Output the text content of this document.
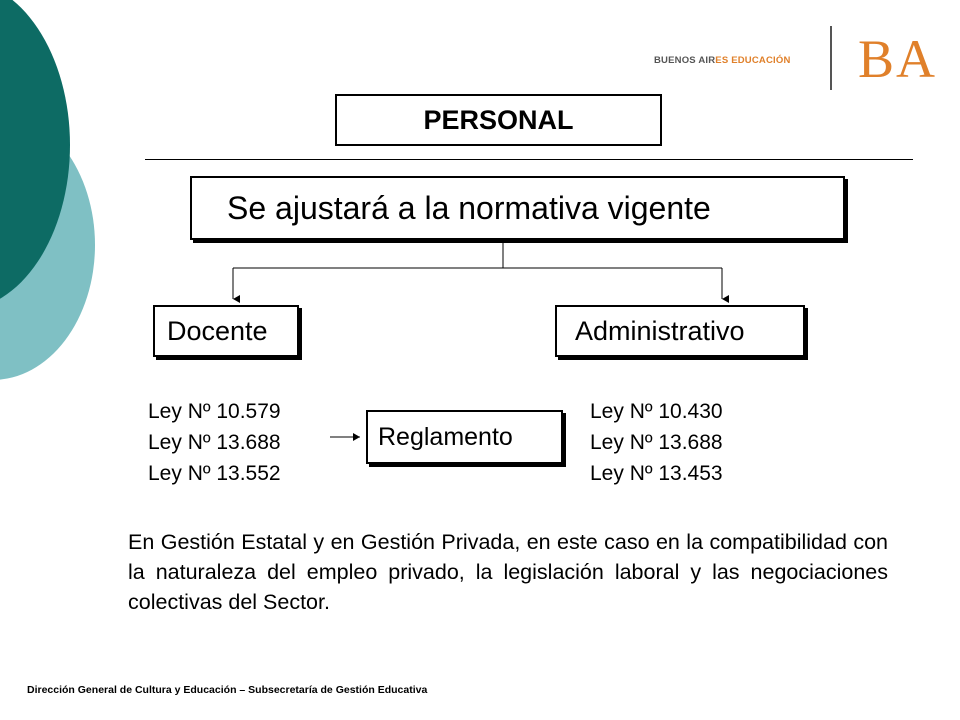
BUENOS AIRES EDUCACIÓN BA
PERSONAL
Se ajustará a la normativa vigente
Docente	Administrativo
Ley Nº 10.579
Ley Nº 13.688
Ley Nº 13.552
Reglamento
Ley Nº 10.430
Ley Nº 13.688
Ley Nº 13.453
En Gestión Estatal y en Gestión Privada, en este caso en la compatibilidad con la naturaleza del empleo privado, la legislación laboral y las negociaciones colectivas del Sector.
Dirección General de Cultura y Educación – Subsecretaría de Gestión Educativa
